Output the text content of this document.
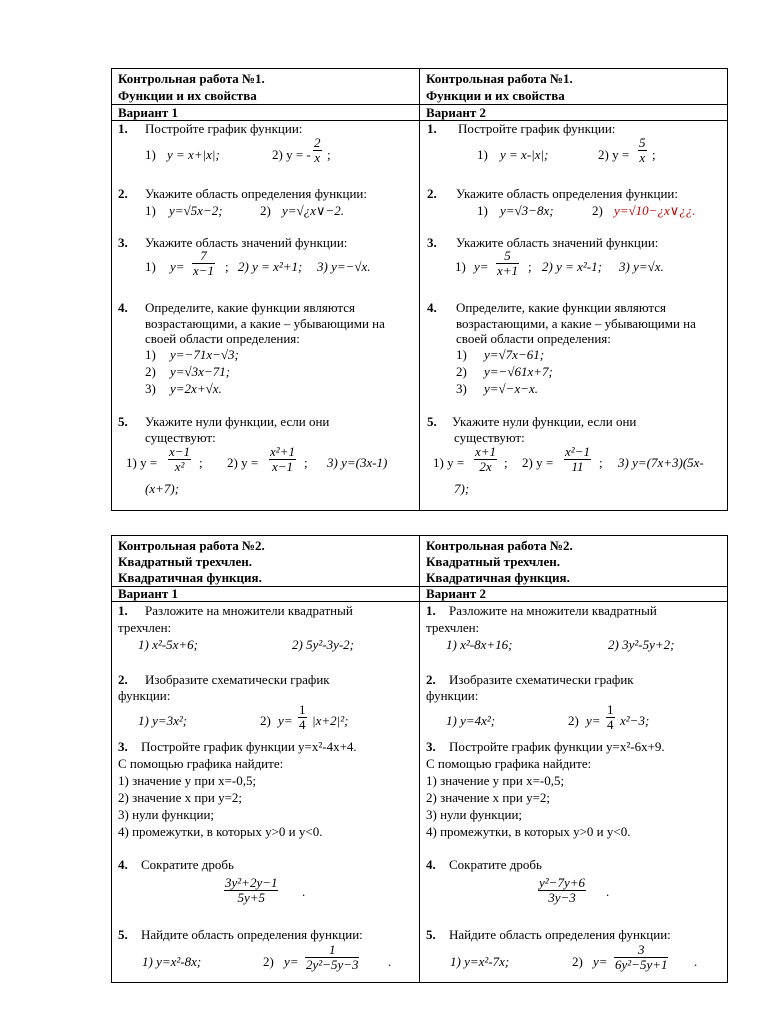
Контрольная работа №1.
Функции и их свойства
Вариант 1
Контрольная работа №1.
Функции и их свойства
Вариант 2
1. Постройте график функции:
1) y = x+|x|;	2) y = - $\frac{2}{x}$ ;
2. Укажите область определения функции:
1) y=√5x−2;	2) y=√¿x∨−2.
3. Укажите область значений функции:
1) $y= \frac{7}{x-1}$ ; 2) y = x²+1; 3) y=−√x.
4. Определите, какие функции являются
возрастающими, а какие – убывающими на
своей области определения:
1) y=−71x−√3;
2) y=√3x−71;
3) y=2x+√x.
5. Укажите нули функции, если они
существуют:
1) $y = \frac{x-1}{\text{x²}}$ ; 2) $y = \frac{\text{x²+1}}{x-1}$ ; 3) y=(3x-1)
(x+7);
1. Постройте график функции:
1) y = x-|x|;	2) $y = \frac{5}{x}$ ;
2. Укажите область определения функции:
1) y=√3−8x;	2) y=√10−¿x∨¿¿.
3. Укажите область значений функции:
1) $y= \frac{5}{x+1}$ ; 2) y = x²-1; 3) y=√x.
4. Определите, какие функции являются
возрастающими, а какие – убывающими на
своей области определения:
1) y=√7x−61;
2) y=−√61x+7;
3) y=√−x−x.
5. Укажите нули функции, если они
существуют:
1) $y = \frac{x+1}{2x}$ ; 2) $y = \frac{\text{x²−1}}{11}$ ; 3) y=(7x+3)(5x-
7);
Контрольная работа №2.
Квадратный трехчлен.
Квадратичная функция.
Вариант 1
Контрольная работа №2.
Квадратный трехчлен.
Квадратичная функция.
Вариант 2
1. Разложите на множители квадратный
трехчлен:
1) x²-5x+6;	2) 5y²-3y-2;
2. Изобразите схематически график
функции:
1) y=3x²;	2) $y= \frac{1}{4} |x+2|^2$;
3. Постройте график функции y=x²-4x+4.
С помощью графика найдите:
1) значение y при x=-0,5;
2) значение x при y=2;
3) нули функции;
4) промежутки, в которых y>0 и y<0.
4. Сократите дробь
$\frac{\text{3y²+2y−1}}{5y+5}$ .
5. Найдите область определения функции:
1) y=x²-8x;	2) $y= \frac{1}{\text{2y²−5y−3}}$ .
1. Разложите на множители квадратный
трехчлен:
1) x²-8x+16;	2) 3y²-5y+2;
2. Изобразите схематически график
функции:
1) y=4x²;	2) $y= \frac{1}{4} x^2-3$;
3. Постройте график функции y=x²-6x+9.
С помощью графика найдите:
1) значение y при x=-0,5;
2) значение x при y=2;
3) нули функции;
4) промежутки, в которых y>0 и y<0.
4. Сократите дробь
$\frac{\text{y²−7y+6}}{3y-3}$ .
5. Найдите область определения функции:
1) y=x²-7x;	2) $y= \frac{3}{\text{6y²−5y+1}}$ .
